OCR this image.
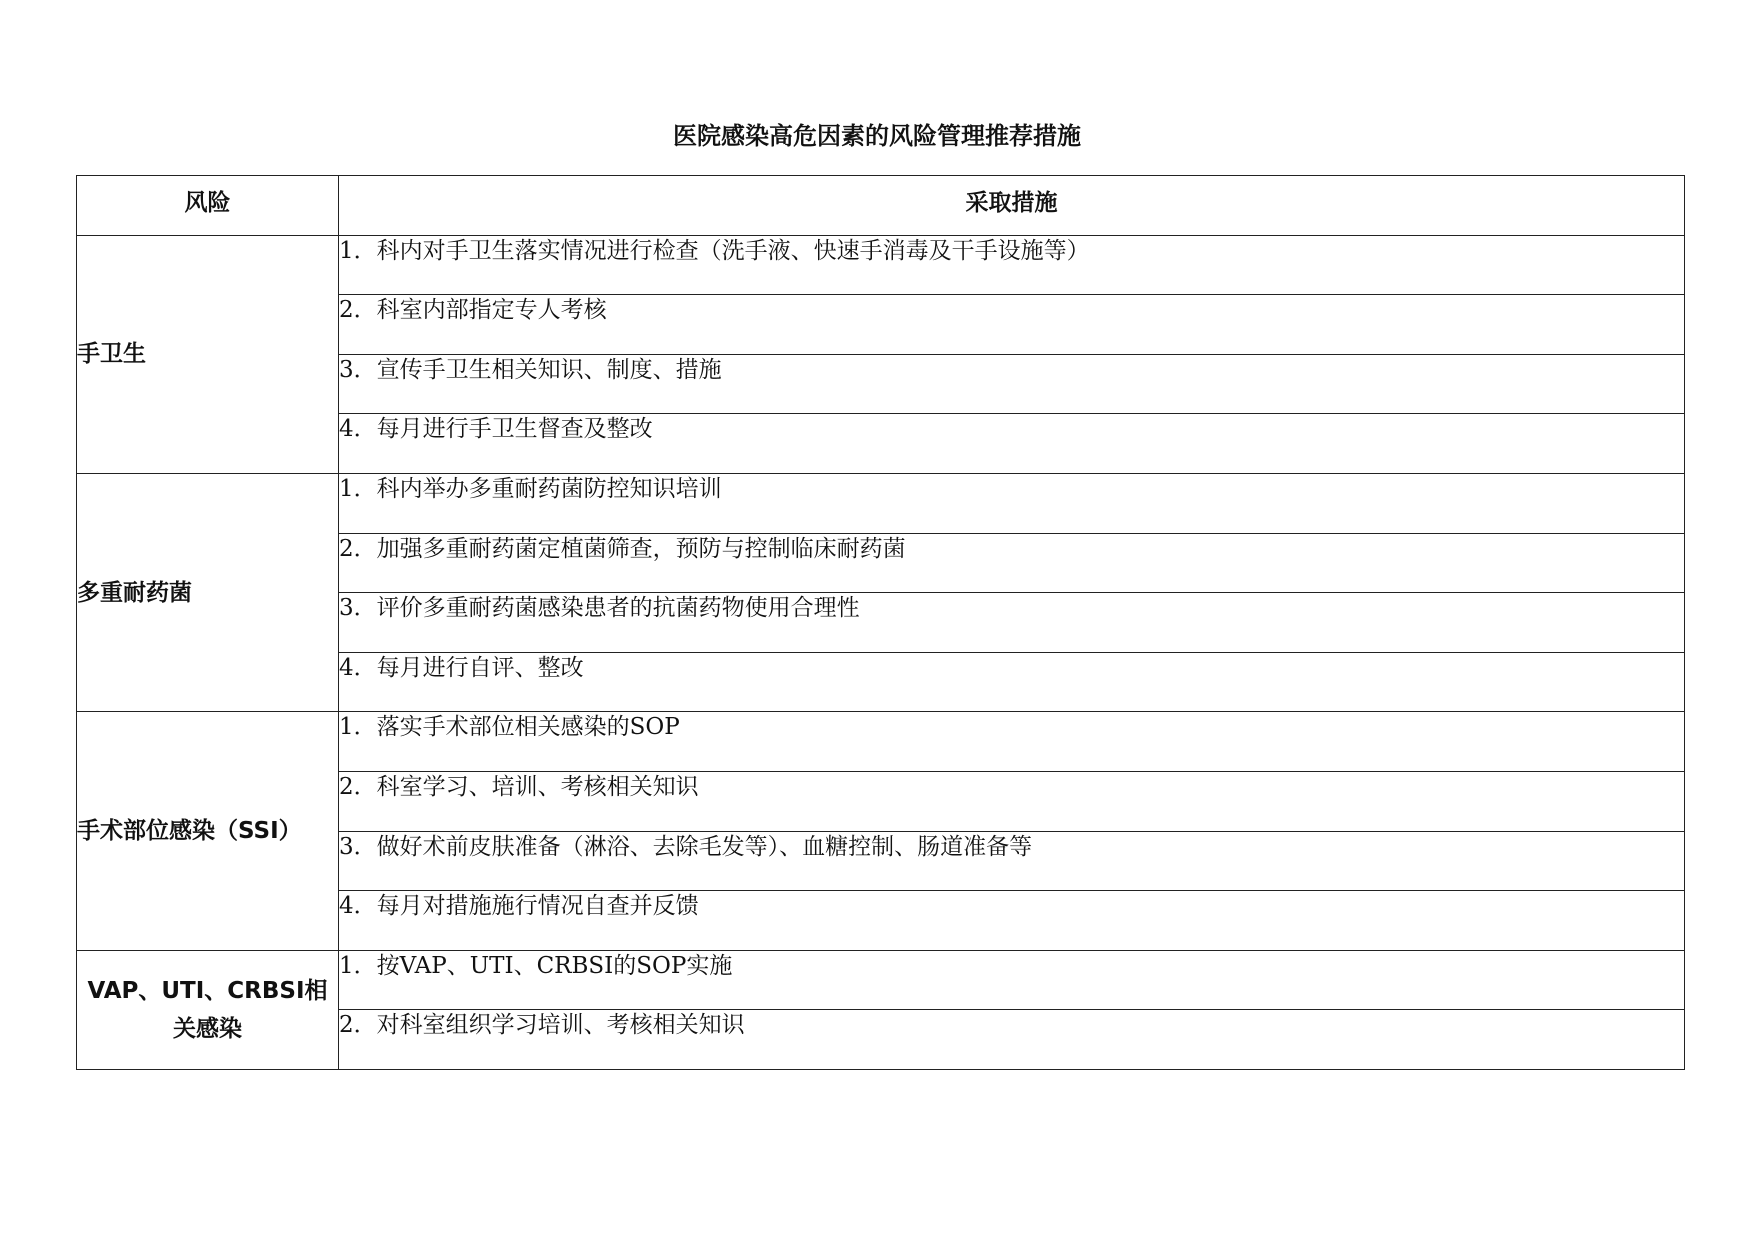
医院感染高危因素的风险管理推荐措施
风险	采取措施
手卫生	1．科内对手卫生落实情况进行检查（洗手液、快速手消毒及干手设施等）
	2．科室内部指定专人考核
	3．宣传手卫生相关知识、制度、措施
	4．每月进行手卫生督查及整改
多重耐药菌	1．科内举办多重耐药菌防控知识培训
	2．加强多重耐药菌定植菌筛查，预防与控制临床耐药菌
	3．评价多重耐药菌感染患者的抗菌药物使用合理性
	4．每月进行自评、整改
手术部位感染（SSI）	1．落实手术部位相关感染的SOP
	2．科室学习、培训、考核相关知识
	3．做好术前皮肤准备（淋浴、去除毛发等）、血糖控制、肠道准备等
	4．每月对措施施行情况自查并反馈
VAP、UTI、CRBSI相关感染	1．按VAP、UTI、CRBSI的SOP实施
	2．对科室组织学习培训、考核相关知识
